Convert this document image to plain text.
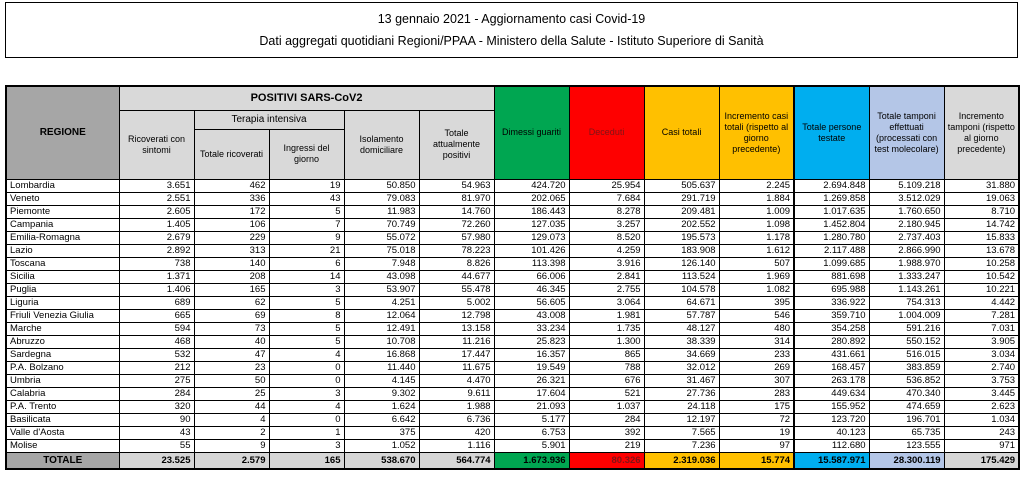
13 gennaio 2021 - Aggiornamento casi Covid-19
Dati aggregati quotidiani Regioni/PPAA - Ministero della Salute - Istituto Superiore di Sanità
REGIONE	POSITIVI SARS-CoV2					Dimessi guariti	Deceduti	Casi totali	Incremento casi totali (rispetto al giorno precedente)	Totale persone testate	Totale tamponi effettuati (processati con test molecolare)	Incremento tamponi (rispetto al giorno precedente)
	Ricoverati con sintomi	Terapia intensiva		Isolamento domiciliare	Totale attualmente positivi							
		Totale ricoverati	Ingressi del giorno									
Lombardia	3.651	462	19	50.850	54.963	424.720	25.954	505.637	2.245	2.694.848	5.109.218	31.880
Veneto	2.551	336	43	79.083	81.970	202.065	7.684	291.719	1.884	1.269.858	3.512.029	19.063
Piemonte	2.605	172	5	11.983	14.760	186.443	8.278	209.481	1.009	1.017.635	1.760.650	8.710
Campania	1.405	106	7	70.749	72.260	127.035	3.257	202.552	1.098	1.452.804	2.180.945	14.742
Emilia-Romagna	2.679	229	9	55.072	57.980	129.073	8.520	195.573	1.178	1.280.780	2.737.403	15.833
Lazio	2.892	313	21	75.018	78.223	101.426	4.259	183.908	1.612	2.117.488	2.866.990	13.678
Toscana	738	140	6	7.948	8.826	113.398	3.916	126.140	507	1.099.685	1.988.970	10.258
Sicilia	1.371	208	14	43.098	44.677	66.006	2.841	113.524	1.969	881.698	1.333.247	10.542
Puglia	1.406	165	3	53.907	55.478	46.345	2.755	104.578	1.082	695.988	1.143.261	10.221
Liguria	689	62	5	4.251	5.002	56.605	3.064	64.671	395	336.922	754.313	4.442
Friuli Venezia Giulia	665	69	8	12.064	12.798	43.008	1.981	57.787	546	359.710	1.004.009	7.281
Marche	594	73	5	12.491	13.158	33.234	1.735	48.127	480	354.258	591.216	7.031
Abruzzo	468	40	5	10.708	11.216	25.823	1.300	38.339	314	280.892	550.152	3.905
Sardegna	532	47	4	16.868	17.447	16.357	865	34.669	233	431.661	516.015	3.034
P.A. Bolzano	212	23	0	11.440	11.675	19.549	788	32.012	269	168.457	383.859	2.740
Umbria	275	50	0	4.145	4.470	26.321	676	31.467	307	263.178	536.852	3.753
Calabria	284	25	3	9.302	9.611	17.604	521	27.736	283	449.634	470.340	3.445
P.A. Trento	320	44	4	1.624	1.988	21.093	1.037	24.118	175	155.952	474.659	2.623
Basilicata	90	4	0	6.642	6.736	5.177	284	12.197	72	123.720	196.701	1.034
Valle d'Aosta	43	2	1	375	420	6.753	392	7.565	19	40.123	65.735	243
Molise	55	9	3	1.052	1.116	5.901	219	7.236	97	112.680	123.555	971
TOTALE	23.525	2.579	165	538.670	564.774	1.673.936	80.326	2.319.036	15.774	15.587.971	28.300.119	175.429
